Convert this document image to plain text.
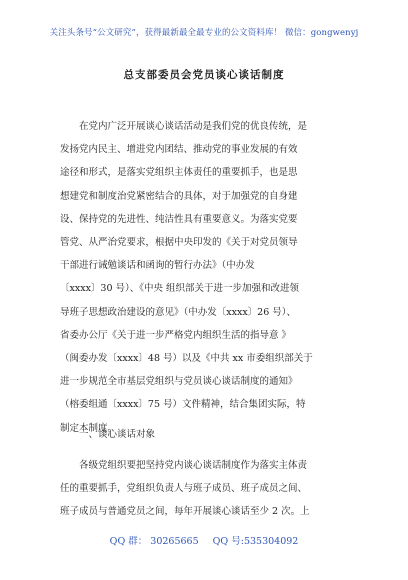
关注头条号“公文研究”，获得最新最全最专业的公文资料库！ 微信：gongwenyj
总支部委员会党员谈心谈话制度
在党内广泛开展谈心谈话活动是我们党的优良传统，是
发扬党内民主、增进党内团结、推动党的事业发展的有效
途径和形式，是落实党组织主体责任的重要抓手，也是思
想建党和制度治党紧密结合的具体，对于加强党的自身建
设、保持党的先进性、纯洁性具有重要意义。为落实党要
管党、从严治党要求，根据中央印发的《关于对党员领导
干部进行诫勉谈话和函询的暂行办法》（中办发
〔xxxx〕30 号）、《中央 组织部关于进一步加强和改进领
导班子思想政治建设的意见》（中办发〔xxxx〕26 号）、
省委办公厅《关于进一步严格党内组织生活的指导意 》
（闽委办发〔xxxx〕48 号）以及《中共 xx 市委组织部关于
进一步规范全市基层党组织与党员谈心谈话制度的通知》
（榕委组通〔xxxx〕75 号）文件精神，结合集团实际，特
制定本制度。
一、谈心谈话对象
各级党组织要把坚持党内谈心谈话制度作为落实主体责
任的重要抓手，党组织负责人与班子成员、班子成员之间、
班子成员与普通党员之间，每年开展谈心谈话至少 2 次。上
QQ 群： 30265665 QQ 号:535304092
